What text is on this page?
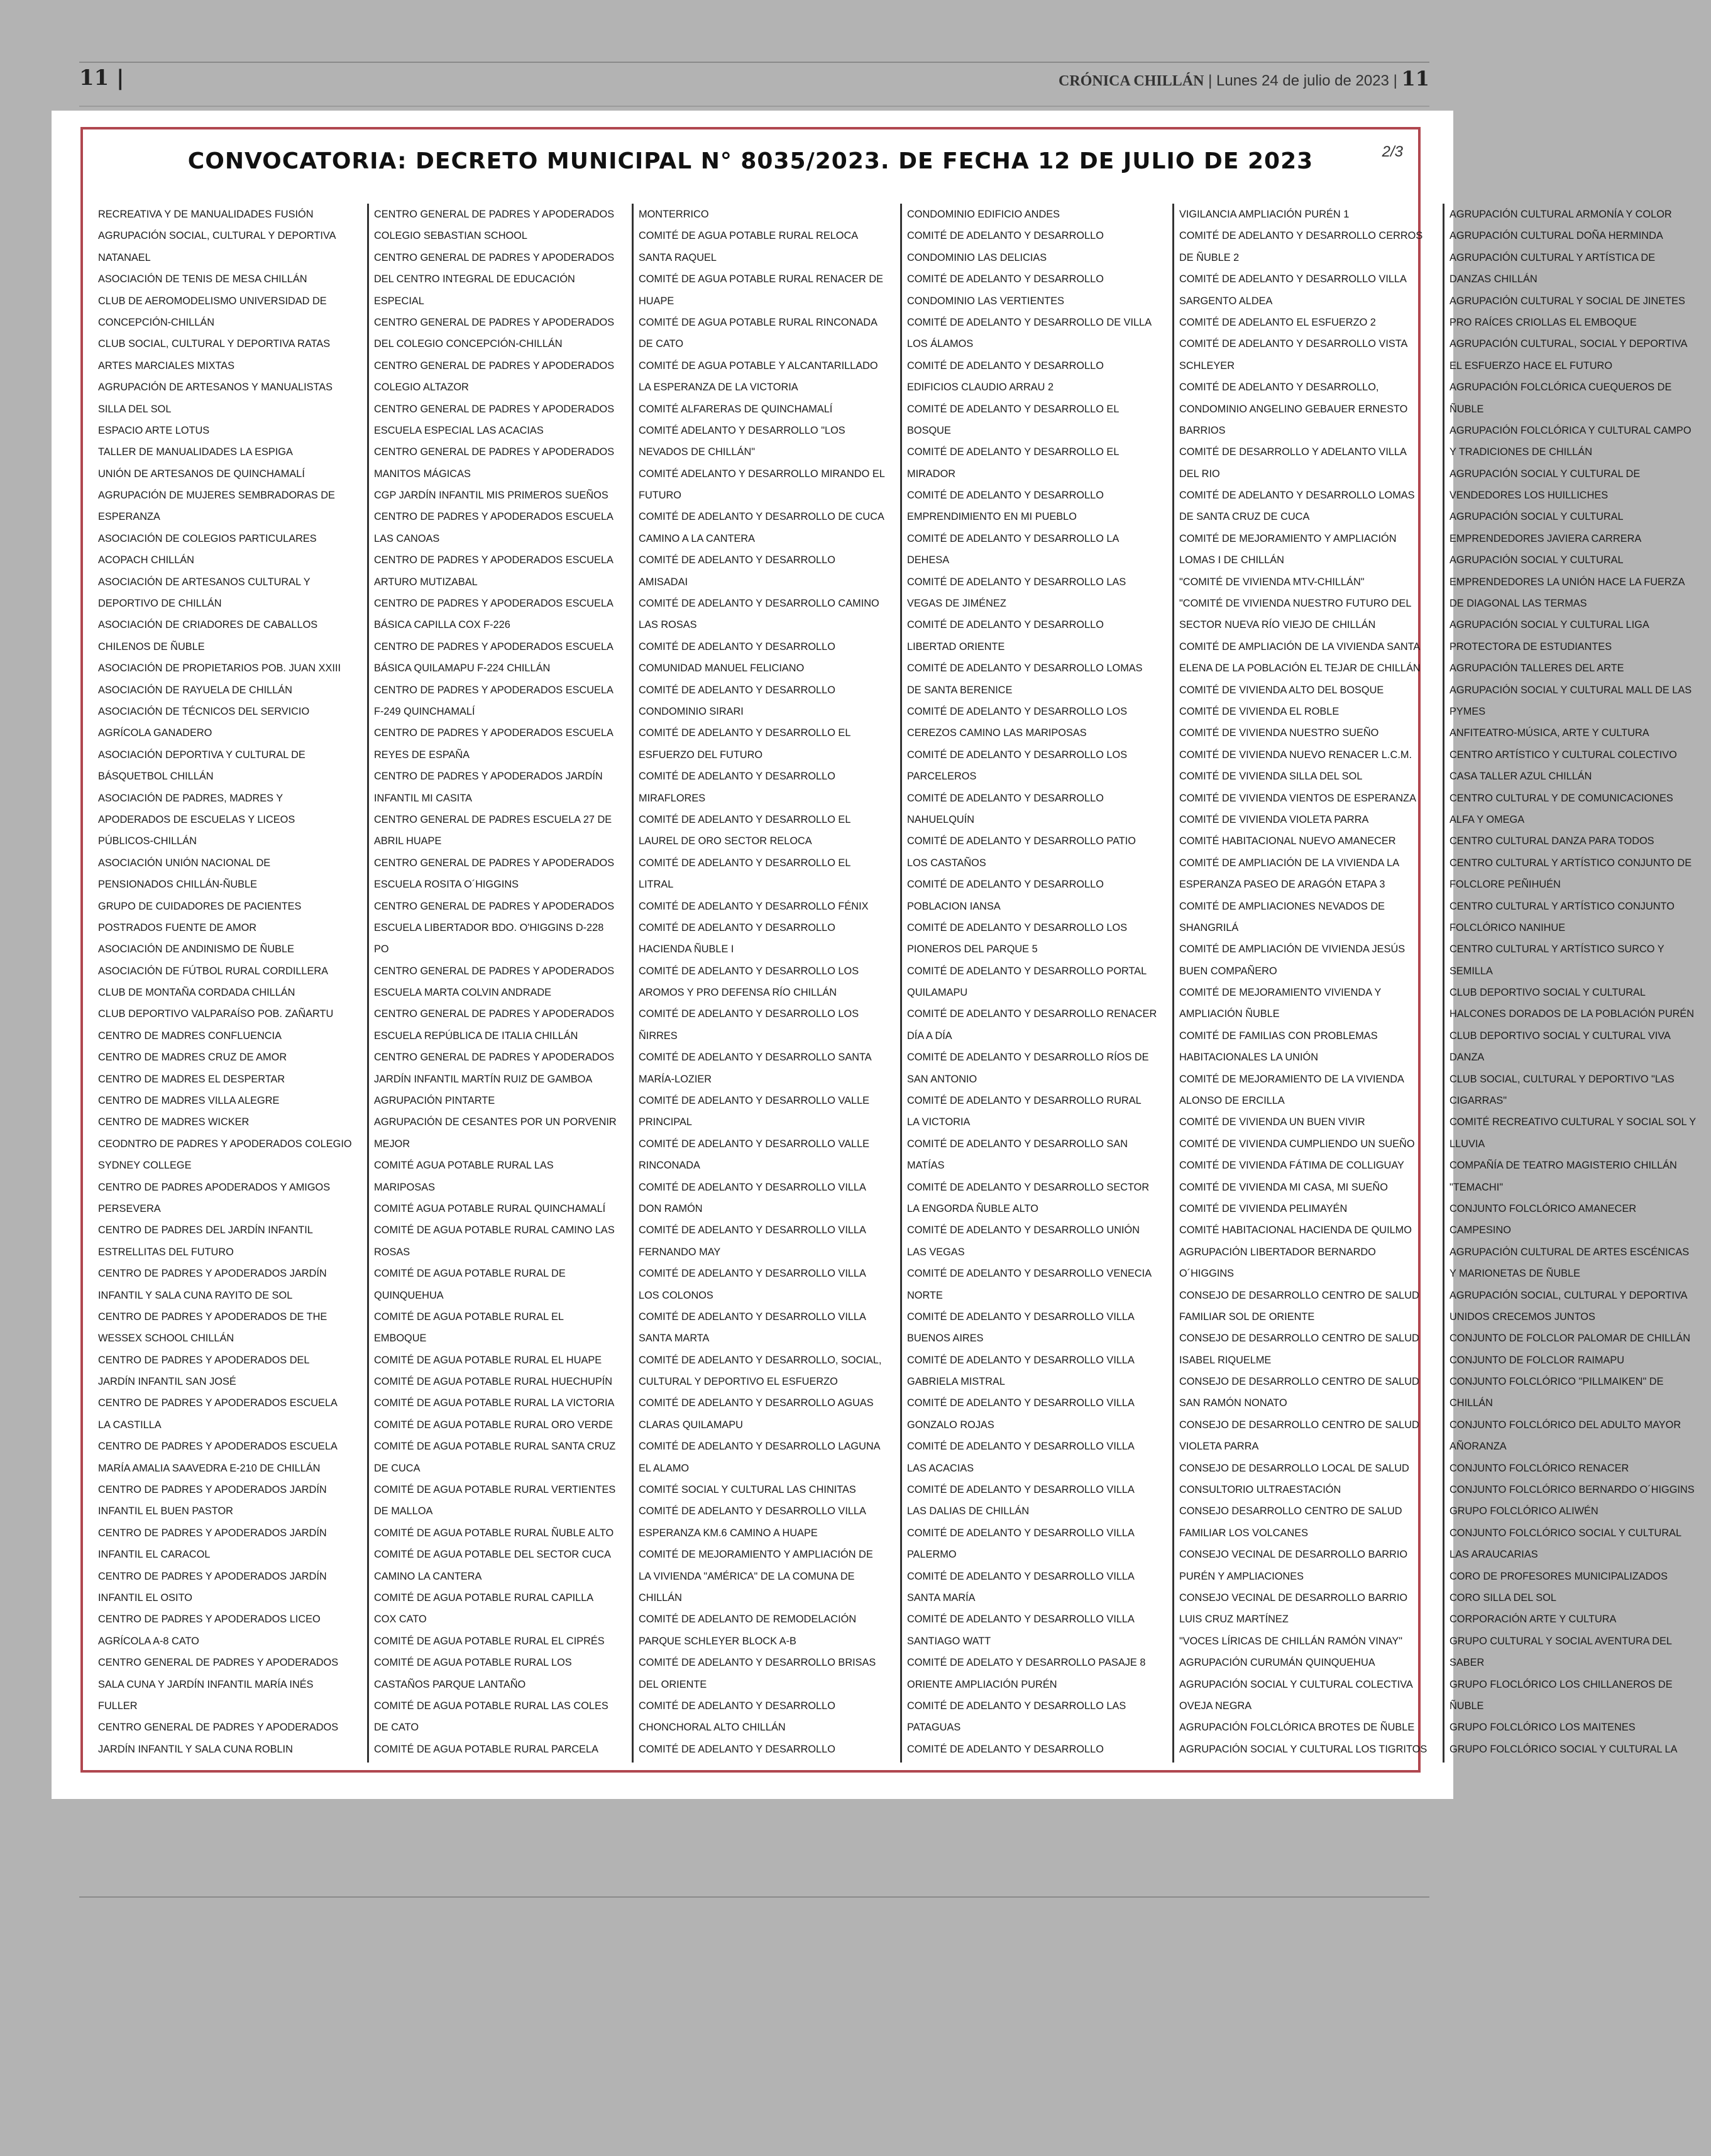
11 |	CRÓNICA CHILLÁN | Lunes 24 de julio de 2023 | 11
CONVOCATORIA: DECRETO MUNICIPAL N° 8035/2023. DE FECHA 12 DE JULIO DE 2023	2/3
RECREATIVA Y DE MANUALIDADES FUSIÓN
AGRUPACIÓN SOCIAL, CULTURAL Y DEPORTIVA
NATANAEL
ASOCIACIÓN DE TENIS DE MESA CHILLÁN
CLUB DE AEROMODELISMO UNIVERSIDAD DE
CONCEPCIÓN-CHILLÁN
CLUB SOCIAL, CULTURAL Y DEPORTIVA RATAS
ARTES MARCIALES MIXTAS
AGRUPACIÓN DE ARTESANOS Y MANUALISTAS
SILLA DEL SOL
ESPACIO ARTE LOTUS
TALLER DE MANUALIDADES LA ESPIGA
UNIÓN DE ARTESANOS DE QUINCHAMALÍ
AGRUPACIÓN DE MUJERES SEMBRADORAS DE
ESPERANZA
ASOCIACIÓN DE COLEGIOS PARTICULARES
ACOPACH CHILLÁN
ASOCIACIÓN DE ARTESANOS CULTURAL Y
DEPORTIVO DE CHILLÁN
ASOCIACIÓN DE CRIADORES DE CABALLOS
CHILENOS DE ÑUBLE
ASOCIACIÓN DE PROPIETARIOS POB. JUAN XXIII
ASOCIACIÓN DE RAYUELA DE CHILLÁN
ASOCIACIÓN DE TÉCNICOS DEL SERVICIO
AGRÍCOLA GANADERO
ASOCIACIÓN DEPORTIVA Y CULTURAL DE
BÁSQUETBOL CHILLÁN
ASOCIACIÓN DE PADRES, MADRES Y
APODERADOS DE ESCUELAS Y LICEOS
PÚBLICOS-CHILLÁN
ASOCIACIÓN UNIÓN NACIONAL DE
PENSIONADOS CHILLÁN-ÑUBLE
GRUPO DE CUIDADORES DE PACIENTES
POSTRADOS FUENTE DE AMOR
ASOCIACIÓN DE ANDINISMO DE ÑUBLE
ASOCIACIÓN DE FÚTBOL RURAL CORDILLERA
CLUB DE MONTAÑA CORDADA CHILLÁN
CLUB DEPORTIVO VALPARAÍSO POB. ZAÑARTU
CENTRO DE MADRES CONFLUENCIA
CENTRO DE MADRES CRUZ DE AMOR
CENTRO DE MADRES EL DESPERTAR
CENTRO DE MADRES VILLA ALEGRE
CENTRO DE MADRES WICKER
CEODNTRO DE PADRES Y APODERADOS COLEGIO
SYDNEY COLLEGE
CENTRO DE PADRES APODERADOS Y AMIGOS
PERSEVERA
CENTRO DE PADRES DEL JARDÍN INFANTIL
ESTRELLITAS DEL FUTURO
CENTRO DE PADRES Y APODERADOS JARDÍN
INFANTIL Y SALA CUNA RAYITO DE SOL
CENTRO DE PADRES Y APODERADOS DE THE
WESSEX SCHOOL CHILLÁN
CENTRO DE PADRES Y APODERADOS DEL
JARDÍN INFANTIL SAN JOSÉ
CENTRO DE PADRES Y APODERADOS ESCUELA
LA CASTILLA
CENTRO DE PADRES Y APODERADOS ESCUELA
MARÍA AMALIA SAAVEDRA E-210 DE CHILLÁN
CENTRO DE PADRES Y APODERADOS JARDÍN
INFANTIL EL BUEN PASTOR
CENTRO DE PADRES Y APODERADOS JARDÍN
INFANTIL EL CARACOL
CENTRO DE PADRES Y APODERADOS JARDÍN
INFANTIL EL OSITO
CENTRO DE PADRES Y APODERADOS LICEO
AGRÍCOLA A-8 CATO
CENTRO GENERAL DE PADRES Y APODERADOS
SALA CUNA Y JARDÍN INFANTIL MARÍA INÉS
FULLER
CENTRO GENERAL DE PADRES Y APODERADOS
JARDÍN INFANTIL Y SALA CUNA ROBLIN
CENTRO GENERAL DE PADRES Y APODERADOS
COLEGIO SEBASTIAN SCHOOL
CENTRO GENERAL DE PADRES Y APODERADOS
DEL CENTRO INTEGRAL DE EDUCACIÓN
ESPECIAL
CENTRO GENERAL DE PADRES Y APODERADOS
DEL COLEGIO CONCEPCIÓN-CHILLÁN
CENTRO GENERAL DE PADRES Y APODERADOS
COLEGIO ALTAZOR
CENTRO GENERAL DE PADRES Y APODERADOS
ESCUELA ESPECIAL LAS ACACIAS
CENTRO GENERAL DE PADRES Y APODERADOS
MANITOS MÁGICAS
CGP JARDÍN INFANTIL MIS PRIMEROS SUEÑOS
CENTRO DE PADRES Y APODERADOS ESCUELA
LAS CANOAS
CENTRO DE PADRES Y APODERADOS ESCUELA
ARTURO MUTIZABAL
CENTRO DE PADRES Y APODERADOS ESCUELA
BÁSICA CAPILLA COX F-226
CENTRO DE PADRES Y APODERADOS ESCUELA
BÁSICA QUILAMAPU F-224 CHILLÁN
CENTRO DE PADRES Y APODERADOS ESCUELA
F-249 QUINCHAMALÍ
CENTRO DE PADRES Y APODERADOS ESCUELA
REYES DE ESPAÑA
CENTRO DE PADRES Y APODERADOS JARDÍN
INFANTIL MI CASITA
CENTRO GENERAL DE PADRES ESCUELA 27 DE
ABRIL HUAPE
CENTRO GENERAL DE PADRES Y APODERADOS
ESCUELA ROSITA O´HIGGINS
CENTRO GENERAL DE PADRES Y APODERADOS
ESCUELA LIBERTADOR BDO. O'HIGGINS D-228
PO
CENTRO GENERAL DE PADRES Y APODERADOS
ESCUELA MARTA COLVIN ANDRADE
CENTRO GENERAL DE PADRES Y APODERADOS
ESCUELA REPÚBLICA DE ITALIA CHILLÁN
CENTRO GENERAL DE PADRES Y APODERADOS
JARDÍN INFANTIL MARTÍN RUIZ DE GAMBOA
AGRUPACIÓN PINTARTE
AGRUPACIÓN DE CESANTES POR UN PORVENIR
MEJOR
COMITÉ AGUA POTABLE RURAL LAS
MARIPOSAS
COMITÉ AGUA POTABLE RURAL QUINCHAMALÍ
COMITÉ DE AGUA POTABLE RURAL CAMINO LAS
ROSAS
COMITÉ DE AGUA POTABLE RURAL DE
QUINQUEHUA
COMITÉ DE AGUA POTABLE RURAL EL
EMBOQUE
COMITÉ DE AGUA POTABLE RURAL EL HUAPE
COMITÉ DE AGUA POTABLE RURAL HUECHUPÍN
COMITÉ DE AGUA POTABLE RURAL LA VICTORIA
COMITÉ DE AGUA POTABLE RURAL ORO VERDE
COMITÉ DE AGUA POTABLE RURAL SANTA CRUZ
DE CUCA
COMITÉ DE AGUA POTABLE RURAL VERTIENTES
DE MALLOA
COMITÉ DE AGUA POTABLE RURAL ÑUBLE ALTO
COMITÉ DE AGUA POTABLE DEL SECTOR CUCA
CAMINO LA CANTERA
COMITÉ DE AGUA POTABLE RURAL CAPILLA
COX CATO
COMITÉ DE AGUA POTABLE RURAL EL CIPRÉS
COMITÉ DE AGUA POTABLE RURAL LOS
CASTAÑOS PARQUE LANTAÑO
COMITÉ DE AGUA POTABLE RURAL LAS COLES
DE CATO
COMITÉ DE AGUA POTABLE RURAL PARCELA
MONTERRICO
COMITÉ DE AGUA POTABLE RURAL RELOCA
SANTA RAQUEL
COMITÉ DE AGUA POTABLE RURAL RENACER DE
HUAPE
COMITÉ DE AGUA POTABLE RURAL RINCONADA
DE CATO
COMITÉ DE AGUA POTABLE Y ALCANTARILLADO
LA ESPERANZA DE LA VICTORIA
COMITÉ ALFARERAS DE QUINCHAMALÍ
COMITÉ ADELANTO Y DESARROLLO "LOS
NEVADOS DE CHILLÁN"
COMITÉ ADELANTO Y DESARROLLO MIRANDO EL
FUTURO
COMITÉ DE ADELANTO Y DESARROLLO DE CUCA
CAMINO A LA CANTERA
COMITÉ DE ADELANTO Y DESARROLLO
AMISADAI
COMITÉ DE ADELANTO Y DESARROLLO CAMINO
LAS ROSAS
COMITÉ DE ADELANTO Y DESARROLLO
COMUNIDAD MANUEL FELICIANO
COMITÉ DE ADELANTO Y DESARROLLO
CONDOMINIO SIRARI
COMITÉ DE ADELANTO Y DESARROLLO EL
ESFUERZO DEL FUTURO
COMITÉ DE ADELANTO Y DESARROLLO
MIRAFLORES
COMITÉ DE ADELANTO Y DESARROLLO EL
LAUREL DE ORO SECTOR RELOCA
COMITÉ DE ADELANTO Y DESARROLLO EL
LITRAL
COMITÉ DE ADELANTO Y DESARROLLO FÉNIX
COMITÉ DE ADELANTO Y DESARROLLO
HACIENDA ÑUBLE I
COMITÉ DE ADELANTO Y DESARROLLO LOS
AROMOS Y PRO DEFENSA RÍO CHILLÁN
COMITÉ DE ADELANTO Y DESARROLLO LOS
ÑIRRES
COMITÉ DE ADELANTO Y DESARROLLO SANTA
MARÍA-LOZIER
COMITÉ DE ADELANTO Y DESARROLLO VALLE
PRINCIPAL
COMITÉ DE ADELANTO Y DESARROLLO VALLE
RINCONADA
COMITÉ DE ADELANTO Y DESARROLLO VILLA
DON RAMÓN
COMITÉ DE ADELANTO Y DESARROLLO VILLA
FERNANDO MAY
COMITÉ DE ADELANTO Y DESARROLLO VILLA
LOS COLONOS
COMITÉ DE ADELANTO Y DESARROLLO VILLA
SANTA MARTA
COMITÉ DE ADELANTO Y DESARROLLO, SOCIAL,
CULTURAL Y DEPORTIVO EL ESFUERZO
COMITÉ DE ADELANTO Y DESARROLLO AGUAS
CLARAS QUILAMAPU
COMITÉ DE ADELANTO Y DESARROLLO LAGUNA
EL ALAMO
COMITÉ SOCIAL Y CULTURAL LAS CHINITAS
COMITÉ DE ADELANTO Y DESARROLLO VILLA
ESPERANZA KM.6 CAMINO A HUAPE
COMITÉ DE MEJORAMIENTO Y AMPLIACIÓN DE
LA VIVIENDA "AMÉRICA" DE LA COMUNA DE
CHILLÁN
COMITÉ DE ADELANTO DE REMODELACIÓN
PARQUE SCHLEYER BLOCK A-B
COMITÉ DE ADELANTO Y DESARROLLO BRISAS
DEL ORIENTE
COMITÉ DE ADELANTO Y DESARROLLO
CHONCHORAL ALTO CHILLÁN
COMITÉ DE ADELANTO Y DESARROLLO
CONDOMINIO EDIFICIO ANDES
COMITÉ DE ADELANTO Y DESARROLLO
CONDOMINIO LAS DELICIAS
COMITÉ DE ADELANTO Y DESARROLLO
CONDOMINIO LAS VERTIENTES
COMITÉ DE ADELANTO Y DESARROLLO DE VILLA
LOS ÁLAMOS
COMITÉ DE ADELANTO Y DESARROLLO
EDIFICIOS CLAUDIO ARRAU 2
COMITÉ DE ADELANTO Y DESARROLLO EL
BOSQUE
COMITÉ DE ADELANTO Y DESARROLLO EL
MIRADOR
COMITÉ DE ADELANTO Y DESARROLLO
EMPRENDIMIENTO EN MI PUEBLO
COMITÉ DE ADELANTO Y DESARROLLO LA
DEHESA
COMITÉ DE ADELANTO Y DESARROLLO LAS
VEGAS DE JIMÉNEZ
COMITÉ DE ADELANTO Y DESARROLLO
LIBERTAD ORIENTE
COMITÉ DE ADELANTO Y DESARROLLO LOMAS
DE SANTA BERENICE
COMITÉ DE ADELANTO Y DESARROLLO LOS
CEREZOS CAMINO LAS MARIPOSAS
COMITÉ DE ADELANTO Y DESARROLLO LOS
PARCELEROS
COMITÉ DE ADELANTO Y DESARROLLO
NAHUELQUÍN
COMITÉ DE ADELANTO Y DESARROLLO PATIO
LOS CASTAÑOS
COMITÉ DE ADELANTO Y DESARROLLO
POBLACION IANSA
COMITÉ DE ADELANTO Y DESARROLLO LOS
PIONEROS DEL PARQUE 5
COMITÉ DE ADELANTO Y DESARROLLO PORTAL
QUILAMAPU
COMITÉ DE ADELANTO Y DESARROLLO RENACER
DÍA A DÍA
COMITÉ DE ADELANTO Y DESARROLLO RÍOS DE
SAN ANTONIO
COMITÉ DE ADELANTO Y DESARROLLO RURAL
LA VICTORIA
COMITÉ DE ADELANTO Y DESARROLLO SAN
MATÍAS
COMITÉ DE ADELANTO Y DESARROLLO SECTOR
LA ENGORDA ÑUBLE ALTO
COMITÉ DE ADELANTO Y DESARROLLO UNIÓN
LAS VEGAS
COMITÉ DE ADELANTO Y DESARROLLO VENECIA
NORTE
COMITÉ DE ADELANTO Y DESARROLLO VILLA
BUENOS AIRES
COMITÉ DE ADELANTO Y DESARROLLO VILLA
GABRIELA MISTRAL
COMITÉ DE ADELANTO Y DESARROLLO VILLA
GONZALO ROJAS
COMITÉ DE ADELANTO Y DESARROLLO VILLA
LAS ACACIAS
COMITÉ DE ADELANTO Y DESARROLLO VILLA
LAS DALIAS DE CHILLÁN
COMITÉ DE ADELANTO Y DESARROLLO VILLA
PALERMO
COMITÉ DE ADELANTO Y DESARROLLO VILLA
SANTA MARÍA
COMITÉ DE ADELANTO Y DESARROLLO VILLA
SANTIAGO WATT
COMITÉ DE ADELATO Y DESARROLLO PASAJE 8
ORIENTE AMPLIACIÓN PURÉN
COMITÉ DE ADELANTO Y DESARROLLO LAS
PATAGUAS
COMITÉ DE ADELANTO Y DESARROLLO
VIGILANCIA AMPLIACIÓN PURÉN 1
COMITÉ DE ADELANTO Y DESARROLLO CERROS
DE ÑUBLE 2
COMITÉ DE ADELANTO Y DESARROLLO VILLA
SARGENTO ALDEA
COMITÉ DE ADELANTO EL ESFUERZO 2
COMITÉ DE ADELANTO Y DESARROLLO VISTA
SCHLEYER
COMITÉ DE ADELANTO Y DESARROLLO,
CONDOMINIO ANGELINO GEBAUER ERNESTO
BARRIOS
COMITÉ DE DESARROLLO Y ADELANTO VILLA
DEL RIO
COMITÉ DE ADELANTO Y DESARROLLO LOMAS
DE SANTA CRUZ DE CUCA
COMITÉ DE MEJORAMIENTO Y AMPLIACIÓN
LOMAS I DE CHILLÁN
"COMITÉ DE VIVIENDA MTV-CHILLÁN"
"COMITÉ DE VIVIENDA NUESTRO FUTURO DEL
SECTOR NUEVA RÍO VIEJO DE CHILLÁN
COMITÉ DE AMPLIACIÓN DE LA VIVIENDA SANTA
ELENA DE LA POBLACIÓN EL TEJAR DE CHILLÁN
COMITÉ DE VIVIENDA ALTO DEL BOSQUE
COMITÉ DE VIVIENDA EL ROBLE
COMITÉ DE VIVIENDA NUESTRO SUEÑO
COMITÉ DE VIVIENDA NUEVO RENACER L.C.M.
COMITÉ DE VIVIENDA SILLA DEL SOL
COMITÉ DE VIVIENDA VIENTOS DE ESPERANZA
COMITÉ DE VIVIENDA VIOLETA PARRA
COMITÉ HABITACIONAL NUEVO AMANECER
COMITÉ DE AMPLIACIÓN DE LA VIVIENDA LA
ESPERANZA PASEO DE ARAGÓN ETAPA 3
COMITÉ DE AMPLIACIONES NEVADOS DE
SHANGRILÁ
COMITÉ DE AMPLIACIÓN DE VIVIENDA JESÚS
BUEN COMPAÑERO
COMITÉ DE MEJORAMIENTO VIVIENDA Y
AMPLIACIÓN ÑUBLE
COMITÉ DE FAMILIAS CON PROBLEMAS
HABITACIONALES LA UNIÓN
COMITÉ DE MEJORAMIENTO DE LA VIVIENDA
ALONSO DE ERCILLA
COMITÉ DE VIVIENDA UN BUEN VIVIR
COMITÉ DE VIVIENDA CUMPLIENDO UN SUEÑO
COMITÉ DE VIVIENDA FÁTIMA DE COLLIGUAY
COMITÉ DE VIVIENDA MI CASA, MI SUEÑO
COMITÉ DE VIVIENDA PELIMAYÉN
COMITÉ HABITACIONAL HACIENDA DE QUILMO
AGRUPACIÓN LIBERTADOR BERNARDO
O´HIGGINS
CONSEJO DE DESARROLLO CENTRO DE SALUD
FAMILIAR SOL DE ORIENTE
CONSEJO DE DESARROLLO CENTRO DE SALUD
ISABEL RIQUELME
CONSEJO DE DESARROLLO CENTRO DE SALUD
SAN RAMÓN NONATO
CONSEJO DE DESARROLLO CENTRO DE SALUD
VIOLETA PARRA
CONSEJO DE DESARROLLO LOCAL DE SALUD
CONSULTORIO ULTRAESTACIÓN
CONSEJO DESARROLLO CENTRO DE SALUD
FAMILIAR LOS VOLCANES
CONSEJO VECINAL DE DESARROLLO BARRIO
PURÉN Y AMPLIACIONES
CONSEJO VECINAL DE DESARROLLO BARRIO
LUIS CRUZ MARTÍNEZ
"VOCES LÍRICAS DE CHILLÁN RAMÓN VINAY"
AGRUPACIÓN CURUMÁN QUINQUEHUA
AGRUPACIÓN SOCIAL Y CULTURAL COLECTIVA
OVEJA NEGRA
AGRUPACIÓN FOLCLÓRICA BROTES DE ÑUBLE
AGRUPACIÓN SOCIAL Y CULTURAL LOS TIGRITOS
AGRUPACIÓN CULTURAL ARMONÍA Y COLOR
AGRUPACIÓN CULTURAL DOÑA HERMINDA
AGRUPACIÓN CULTURAL Y ARTÍSTICA DE
DANZAS CHILLÁN
AGRUPACIÓN CULTURAL Y SOCIAL DE JINETES
PRO RAÍCES CRIOLLAS EL EMBOQUE
AGRUPACIÓN CULTURAL, SOCIAL Y DEPORTIVA
EL ESFUERZO HACE EL FUTURO
AGRUPACIÓN FOLCLÓRICA CUEQUEROS DE
ÑUBLE
AGRUPACIÓN FOLCLÓRICA Y CULTURAL CAMPO
Y TRADICIONES DE CHILLÁN
AGRUPACIÓN SOCIAL Y CULTURAL DE
VENDEDORES LOS HUILLICHES
AGRUPACIÓN SOCIAL Y CULTURAL
EMPRENDEDORES JAVIERA CARRERA
AGRUPACIÓN SOCIAL Y CULTURAL
EMPRENDEDORES LA UNIÓN HACE LA FUERZA
DE DIAGONAL LAS TERMAS
AGRUPACIÓN SOCIAL Y CULTURAL LIGA
PROTECTORA DE ESTUDIANTES
AGRUPACIÓN TALLERES DEL ARTE
AGRUPACIÓN SOCIAL Y CULTURAL MALL DE LAS
PYMES
ANFITEATRO-MÚSICA, ARTE Y CULTURA
CENTRO ARTÍSTICO Y CULTURAL COLECTIVO
CASA TALLER AZUL CHILLÁN
CENTRO CULTURAL Y DE COMUNICACIONES
ALFA Y OMEGA
CENTRO CULTURAL DANZA PARA TODOS
CENTRO CULTURAL Y ARTÍSTICO CONJUNTO DE
FOLCLORE PEÑIHUÉN
CENTRO CULTURAL Y ARTÍSTICO CONJUNTO
FOLCLÓRICO NANIHUE
CENTRO CULTURAL Y ARTÍSTICO SURCO Y
SEMILLA
CLUB DEPORTIVO SOCIAL Y CULTURAL
HALCONES DORADOS DE LA POBLACIÓN PURÉN
CLUB DEPORTIVO SOCIAL Y CULTURAL VIVA
DANZA
CLUB SOCIAL, CULTURAL Y DEPORTIVO "LAS
CIGARRAS"
COMITÉ RECREATIVO CULTURAL Y SOCIAL SOL Y
LLUVIA
COMPAÑÍA DE TEATRO MAGISTERIO CHILLÁN
"TEMACHI"
CONJUNTO FOLCLÓRICO AMANECER
CAMPESINO
AGRUPACIÓN CULTURAL DE ARTES ESCÉNICAS
Y MARIONETAS DE ÑUBLE
AGRUPACIÓN SOCIAL, CULTURAL Y DEPORTIVA
UNIDOS CRECEMOS JUNTOS
CONJUNTO DE FOLCLOR PALOMAR DE CHILLÁN
CONJUNTO DE FOLCLOR RAIMAPU
CONJUNTO FOLCLÓRICO "PILLMAIKEN" DE
CHILLÁN
CONJUNTO FOLCLÓRICO DEL ADULTO MAYOR
AÑORANZA
CONJUNTO FOLCLÓRICO RENACER
CONJUNTO FOLCLÓRICO BERNARDO O´HIGGINS
GRUPO FOLCLÓRICO ALIWÉN
CONJUNTO FOLCLÓRICO SOCIAL Y CULTURAL
LAS ARAUCARIAS
CORO DE PROFESORES MUNICIPALIZADOS
CORO SILLA DEL SOL
CORPORACIÓN ARTE Y CULTURA
GRUPO CULTURAL Y SOCIAL AVENTURA DEL
SABER
GRUPO FLOCLÓRICO LOS CHILLANEROS DE
ÑUBLE
GRUPO FOLCLÓRICO LOS MAITENES
GRUPO FOLCLÓRICO SOCIAL Y CULTURAL LA
